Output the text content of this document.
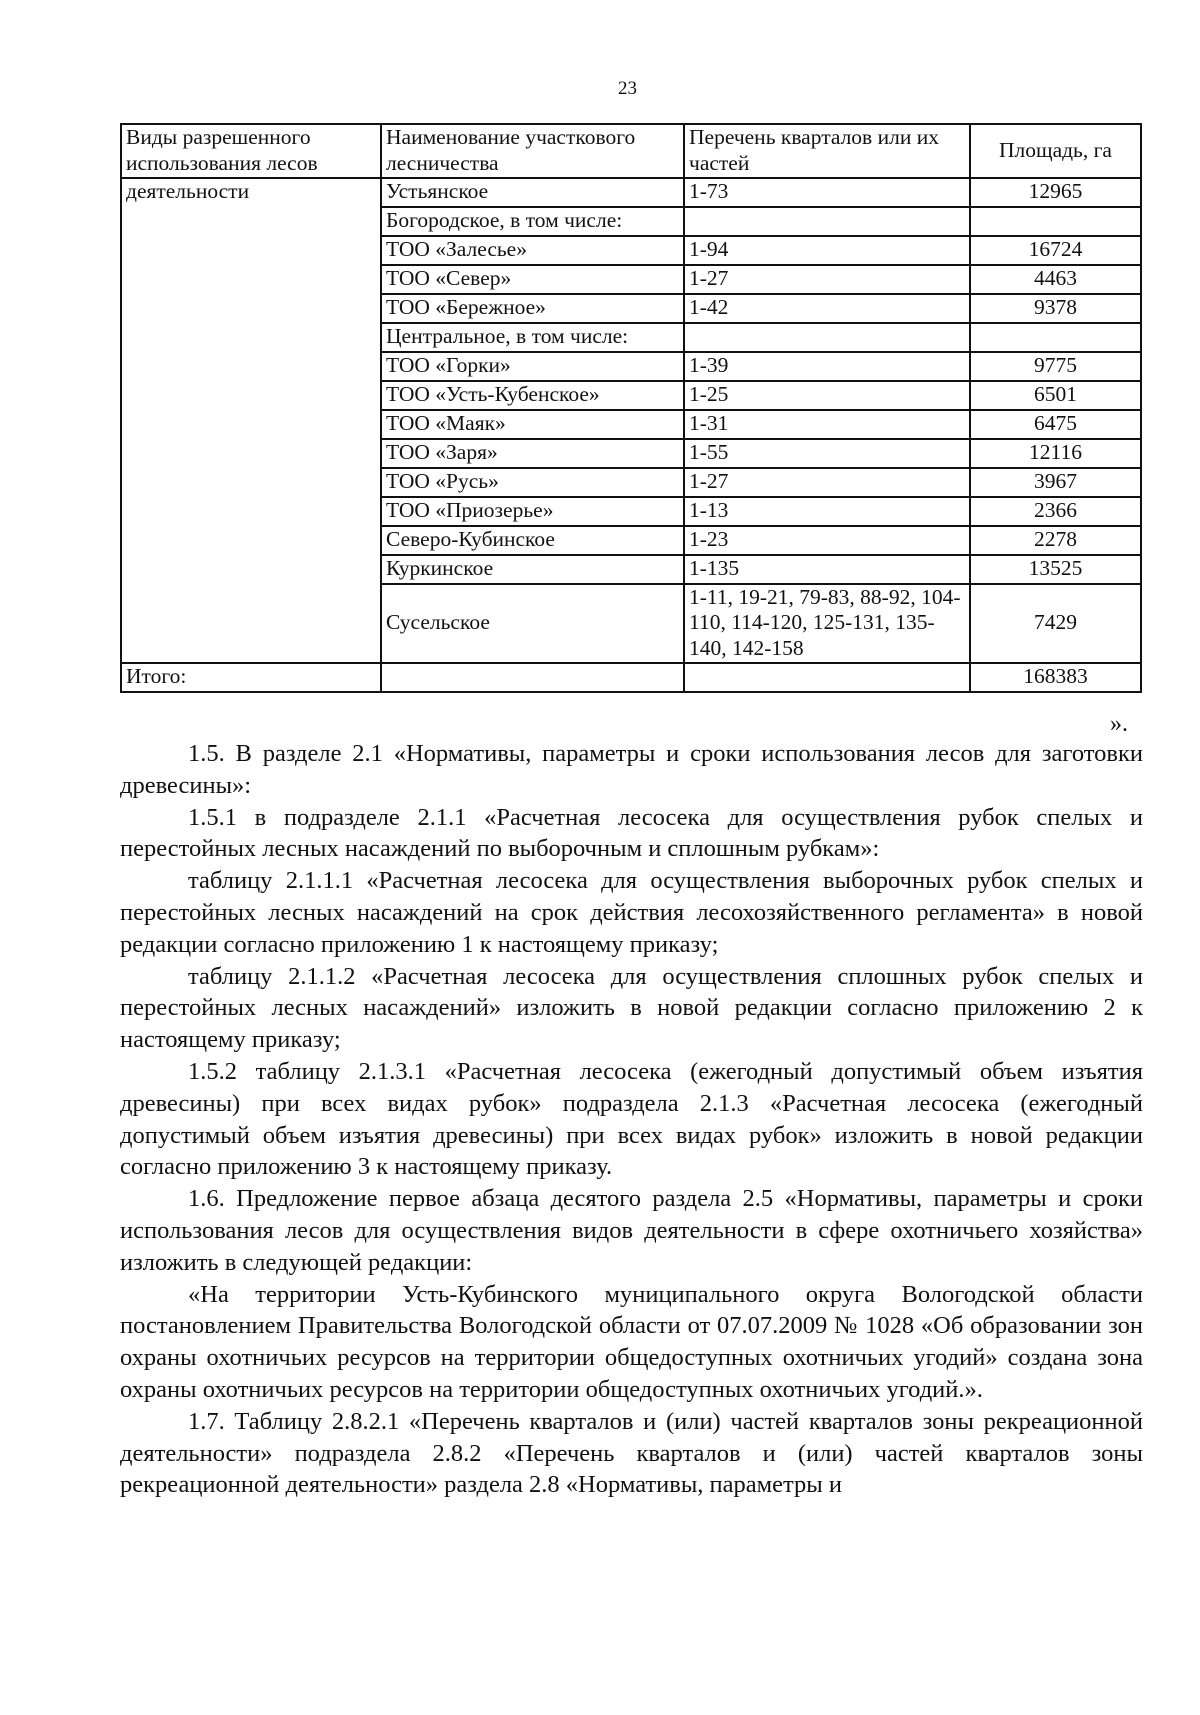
23
Виды разрешенного использования лесов	Наименование участкового лесничества	Перечень кварталов или их частей	Площадь, га
деятельности	Устьянское	1-73	12965
	Богородское, в том числе:		
	ТОО «Залесье»	1-94	16724
	ТОО «Север»	1-27	4463
	ТОО «Бережное»	1-42	9378
	Центральное, в том числе:		
	ТОО «Горки»	1-39	9775
	ТОО «Усть-Кубенское»	1-25	6501
	ТОО «Маяк»	1-31	6475
	ТОО «Заря»	1-55	12116
	ТОО «Русь»	1-27	3967
	ТОО «Приозерье»	1-13	2366
	Северо-Кубинское	1-23	2278
	Куркинское	1-135	13525
	Сусельское	1-11, 19-21, 79-83, 88-92, 104-110, 114-120, 125-131, 135-140, 142-158	7429
Итого:			168383
».

1.5. В разделе 2.1 «Нормативы, параметры и сроки использования лесов для заготовки древесины»:

1.5.1 в подразделе 2.1.1 «Расчетная лесосека для осуществления рубок спелых и перестойных лесных насаждений по выборочным и сплошным рубкам»:

таблицу 2.1.1.1 «Расчетная лесосека для осуществления выборочных рубок спелых и перестойных лесных насаждений на срок действия лесохозяйственного регламента» в новой редакции согласно приложению 1 к настоящему приказу;

таблицу 2.1.1.2 «Расчетная лесосека для осуществления сплошных рубок спелых и перестойных лесных насаждений» изложить в новой редакции согласно приложению 2 к настоящему приказу;

1.5.2 таблицу 2.1.3.1 «Расчетная лесосека (ежегодный допустимый объем изъятия древесины) при всех видах рубок» подраздела 2.1.3 «Расчетная лесосека (ежегодный допустимый объем изъятия древесины) при всех видах рубок» изложить в новой редакции согласно приложению 3 к настоящему приказу.

1.6. Предложение первое абзаца десятого раздела 2.5 «Нормативы, параметры и сроки использования лесов для осуществления видов деятельности в сфере охотничьего хозяйства» изложить в следующей редакции:

«На территории Усть-Кубинского муниципального округа Вологодской области постановлением Правительства Вологодской области от 07.07.2009 № 1028 «Об образовании зон охраны охотничьих ресурсов на территории общедоступных охотничьих угодий» создана зона охраны охотничьих ресурсов на территории общедоступных охотничьих угодий.».

1.7. Таблицу 2.8.2.1 «Перечень кварталов и (или) частей кварталов зоны рекреационной деятельности» подраздела 2.8.2 «Перечень кварталов и (или) частей кварталов зоны рекреационной деятельности» раздела 2.8 «Нормативы, параметры и
